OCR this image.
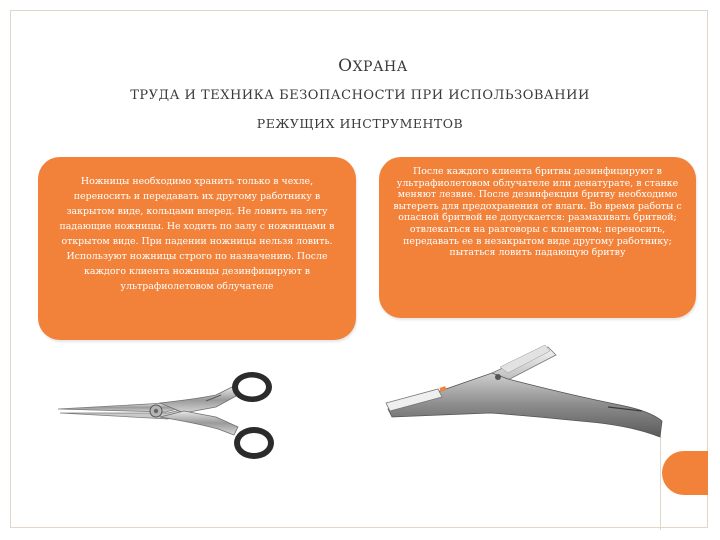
ОХРАНА
ТРУДА И ТЕХНИКА БЕЗОПАСНОСТИ ПРИ ИСПОЛЬЗОВАНИИ
РЕЖУЩИХ ИНСТРУМЕНТОВ
Ножницы необходимо хранить только в чехле, переносить и передавать их другому работнику в закрытом виде, кольцами вперед. Не ловить на лету падающие ножницы. Не ходить по залу с ножницами в открытом виде. При падении ножницы нельзя ловить. Используют ножницы строго по назначению. После каждого клиента ножницы дезинфицируют в ультрафиолетовом облучателе
После каждого клиента бритвы дезинфицируют в ультрафиолетовом облучателе или денатурате, в станке меняют лезвие. После дезинфекции бритву необходимо вытереть для предохранения от влаги. Во время работы с опасной бритвой не допускается: размахивать бритвой; отвлекаться на разговоры с клиентом; переносить, передавать ее в незакрытом виде другому работнику; пытаться ловить падающую бритву
